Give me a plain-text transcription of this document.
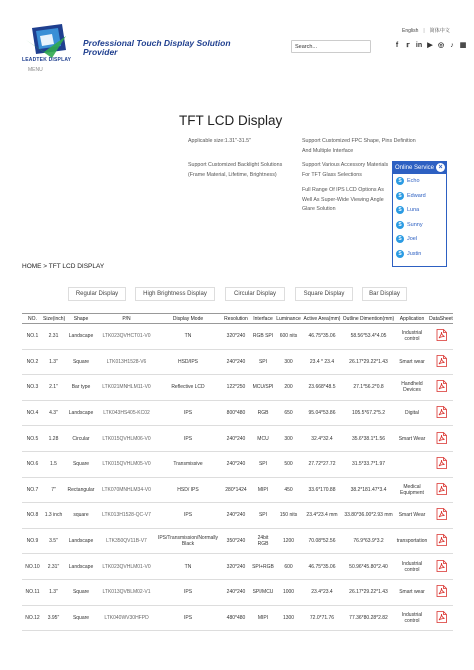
LEADTEK DISPLAY
MENU
Professional Touch Display Solution Provider
English | 简体中文
Search...
f	𝕣 in ▶ ◎ ♪ ▦
TFT LCD Display
Applicable size:1.31"-31.5"	Support Customized FPC Shape, Pins Definition And Multiple Interface
Support Customized Backlight Solutions (Frame Material, Lifetime, Brightness)
Support Various Accessory Materials For TFT Glass Selections
Full Range Of IPS LCD Options As Well As Super-Wide Viewing Angle Glare Solution
Online Service ×
S Echo
S Edward
S Luna
S Sunny
S Joel
S Justin
HOME > TFT LCD DISPLAY
Regular Display	High Brightness Display	Circular Display	Square Display	Bar Display
NO.	Size(inch)	Shape	P/N	Display Mode	Resolution	Interface	Luminance	Active Area(mm)	Outline Dimention(mm)	Application	DataSheet
NO.1	2.31	Landscape	LTK023QVHCT01-V0	TN	320*240	RGB SPI	600 nits	46.75*35.06	58.56*53.4*4.05	Industrial control	
NO.2	1.3"	Square	LTK013H1528-V6	HSD/IPS	240*240	SPI	300	23.4 * 23.4	26.17*29.22*1.43	Smart wear	
NO.3	2.1"	Bar type	LTK021MNHLM11-V0	Reflective LCD	122*250	MCU/SPI	200	23.668*48.5	27.1*56.2*0.8	Handheld Devices	
NO.4	4.3"	Landscape	LTK043HS405-KC02	IPS	800*480	RGB	650	95.04*53.86	105.5*67.2*5.2	Digital	
NO.5	1.28	Circular	LTK015QVHLM06-V0	IPS	240*240	MCU	300	32.4*32.4	35.6*38.1*1.56	Smart Wear	
NO.6	1.5	Square	LTK015QVHLM05-V0	Transmissive	240*240	SPI	500	27.72*27.72	31.5*33.7*1.97		
NO.7	7"	Rectangular	LTK070MNHLM34-V0	HSD/ IPS	280*1424	MIPI	450	33.6*170.88	38.2*181.47*3.4	Medical Equipment	
NO.8	1.3 inch	square	LTK013H1528-QC-V7	IPS	240*240	SPI	150 nits	23.4*23.4 mm	33.80*36.00*2.93 mm	Smart Wear	
NO.9	3.5"	Landscape	LTK350QV11B-V7	IPS/Transmission/Normally Black	350*240	24bit RGB	1200	70.08*52.56	76.9*63.9*3.2	transportation	
NO.10	2.31"	Landscape	LTK023QVHLM01-V0	TN	320*240	SPI+RGB	600	46.75*35.06	50.96*45.80*2.40	Industrial control	
NO.11	1.3"	Square	LTK013QVBLM02-V1	IPS	240*240	SPI/MCU	1000	23.4*23.4	26.17*29.22*1.43	Smart wear	
NO.12	3.95"	Square	LTK040WV30HFPD	IPS	480*480	MIPI	1300	72.0*71.76	77.36*80.28*2.82	Industrial control	
